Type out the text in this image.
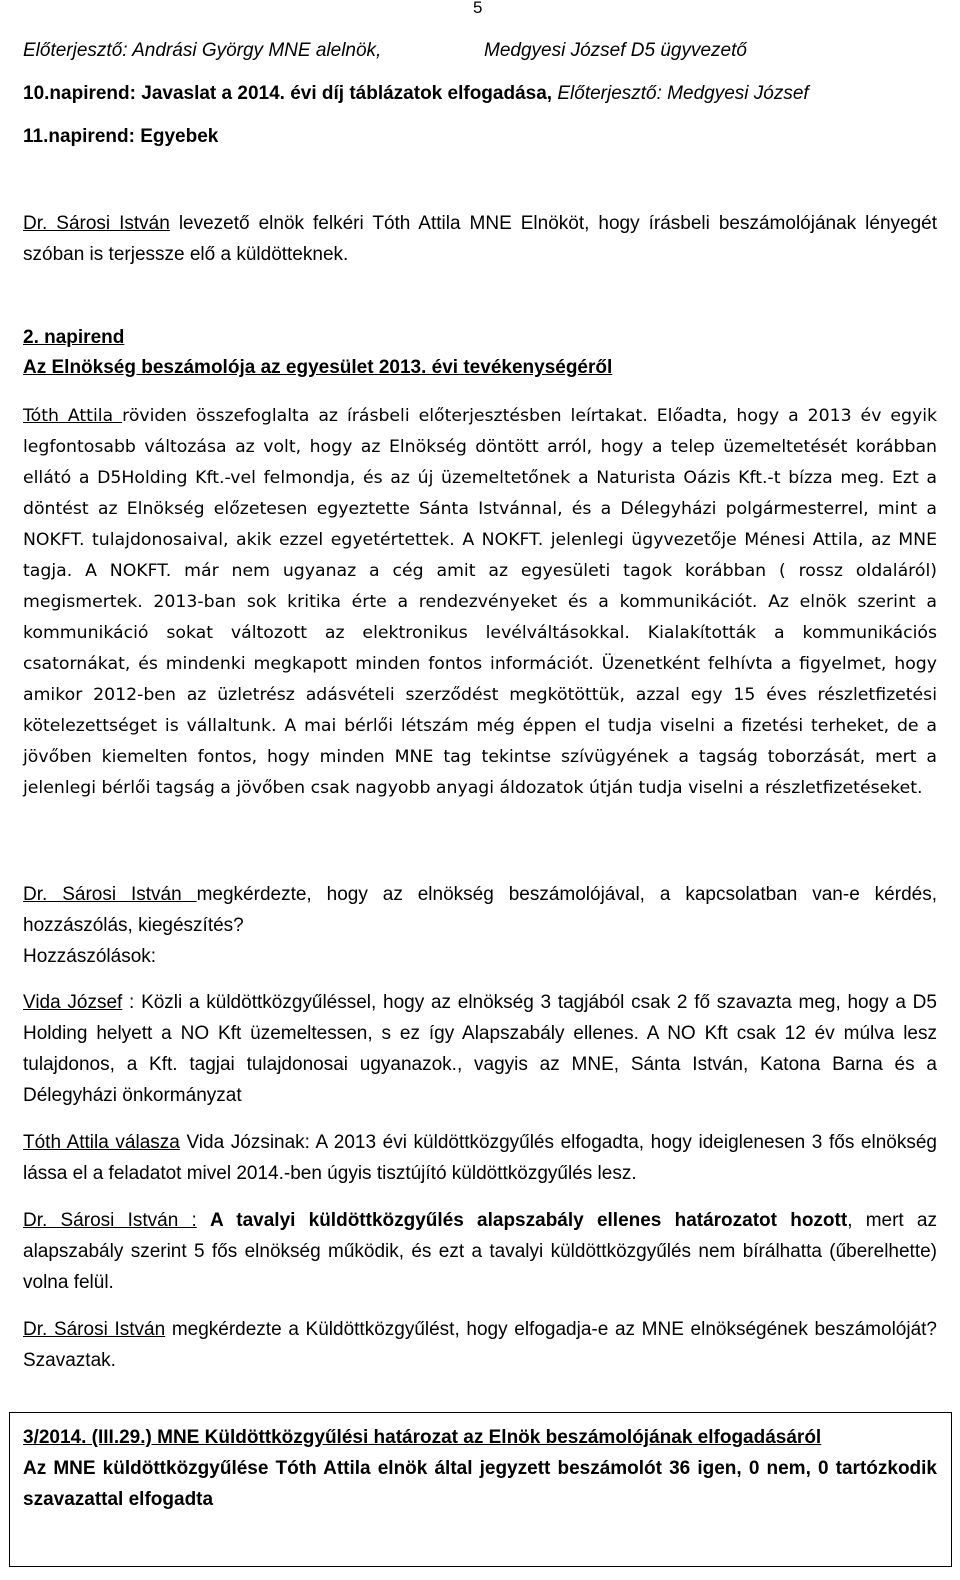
5
Előterjesztő: Andrási György MNE alelnök,	Medgyesi József D5 ügyvezető
10.napirend: Javaslat a 2014. évi díj táblázatok elfogadása, Előterjesztő: Medgyesi József
11.napirend: Egyebek

Dr. Sárosi István levezető elnök felkéri Tóth Attila MNE Elnököt, hogy írásbeli beszámolójának lényegét szóban is terjessze elő a küldötteknek.

2. napirend
Az Elnökség beszámolója az egyesület 2013. évi tevékenységéről

Tóth Attila röviden összefoglalta az írásbeli előterjesztésben leírtakat. Előadta, hogy a 2013 év egyik legfontosabb változása az volt, hogy az Elnökség döntött arról, hogy a telep üzemeltetését korábban ellátó a D5Holding Kft.-vel felmondja, és az új üzemeltetőnek a Naturista Oázis Kft.-t bízza meg. Ezt a döntést az Elnökség előzetesen egyeztette Sánta Istvánnal, és a Délegyházi polgármesterrel, mint a NOKFT. tulajdonosaival, akik ezzel egyetértettek. A NOKFT. jelenlegi ügyvezetője Ménesi Attila, az MNE tagja. A NOKFT. már nem ugyanaz a cég amit az egyesületi tagok korábban ( rossz oldaláról) megismertek. 2013-ban sok kritika érte a rendezvényeket és a kommunikációt. Az elnök szerint a kommunikáció sokat változott az elektronikus levélváltásokkal. Kialakították a kommunikációs csatornákat, és mindenki megkapott minden fontos információt. Üzenetként felhívta a figyelmet, hogy amikor 2012-ben az üzletrész adásvételi szerződést megkötöttük, azzal egy 15 éves részletfizetési kötelezettséget is vállaltunk. A mai bérlői létszám még éppen el tudja viselni a fizetési terheket, de a jövőben kiemelten fontos, hogy minden MNE tag tekintse szívügyének a tagság toborzását, mert a jelenlegi bérlői tagság a jövőben csak nagyobb anyagi áldozatok útján tudja viselni a részletfizetéseket.

Dr. Sárosi István megkérdezte, hogy az elnökség beszámolójával, a kapcsolatban van-e kérdés, hozzászólás, kiegészítés?

Hozzászólások:

Vida József : Közli a küldöttközgyűléssel, hogy az elnökség 3 tagjából csak 2 fő szavazta meg, hogy a D5 Holding helyett a NO Kft üzemeltessen, s ez így Alapszabály ellenes. A NO Kft csak 12 év múlva lesz tulajdonos, a Kft. tagjai tulajdonosai ugyanazok., vagyis az MNE, Sánta István, Katona Barna és a Délegyházi önkormányzat

Tóth Attila válasza Vida Józsinak: A 2013 évi küldöttközgyűlés elfogadta, hogy ideiglenesen 3 fős elnökség lássa el a feladatot mivel 2014.-ben úgyis tisztújító küldöttközgyűlés lesz.

Dr. Sárosi István : A tavalyi küldöttközgyűlés alapszabály ellenes határozatot hozott, mert az alapszabály szerint 5 fős elnökség működik, és ezt a tavalyi küldöttközgyűlés nem bírálhatta (űberelhette) volna felül.

Dr. Sárosi István megkérdezte a Küldöttközgyűlést, hogy elfogadja-e az MNE elnökségének beszámolóját? Szavaztak.

3/2014. (III.29.) MNE Küldöttközgyűlési határozat az Elnök beszámolójának elfogadásáról

Az MNE küldöttközgyűlése Tóth Attila elnök által jegyzett beszámolót 36 igen, 0 nem, 0 tartózkodik szavazattal elfogadta
